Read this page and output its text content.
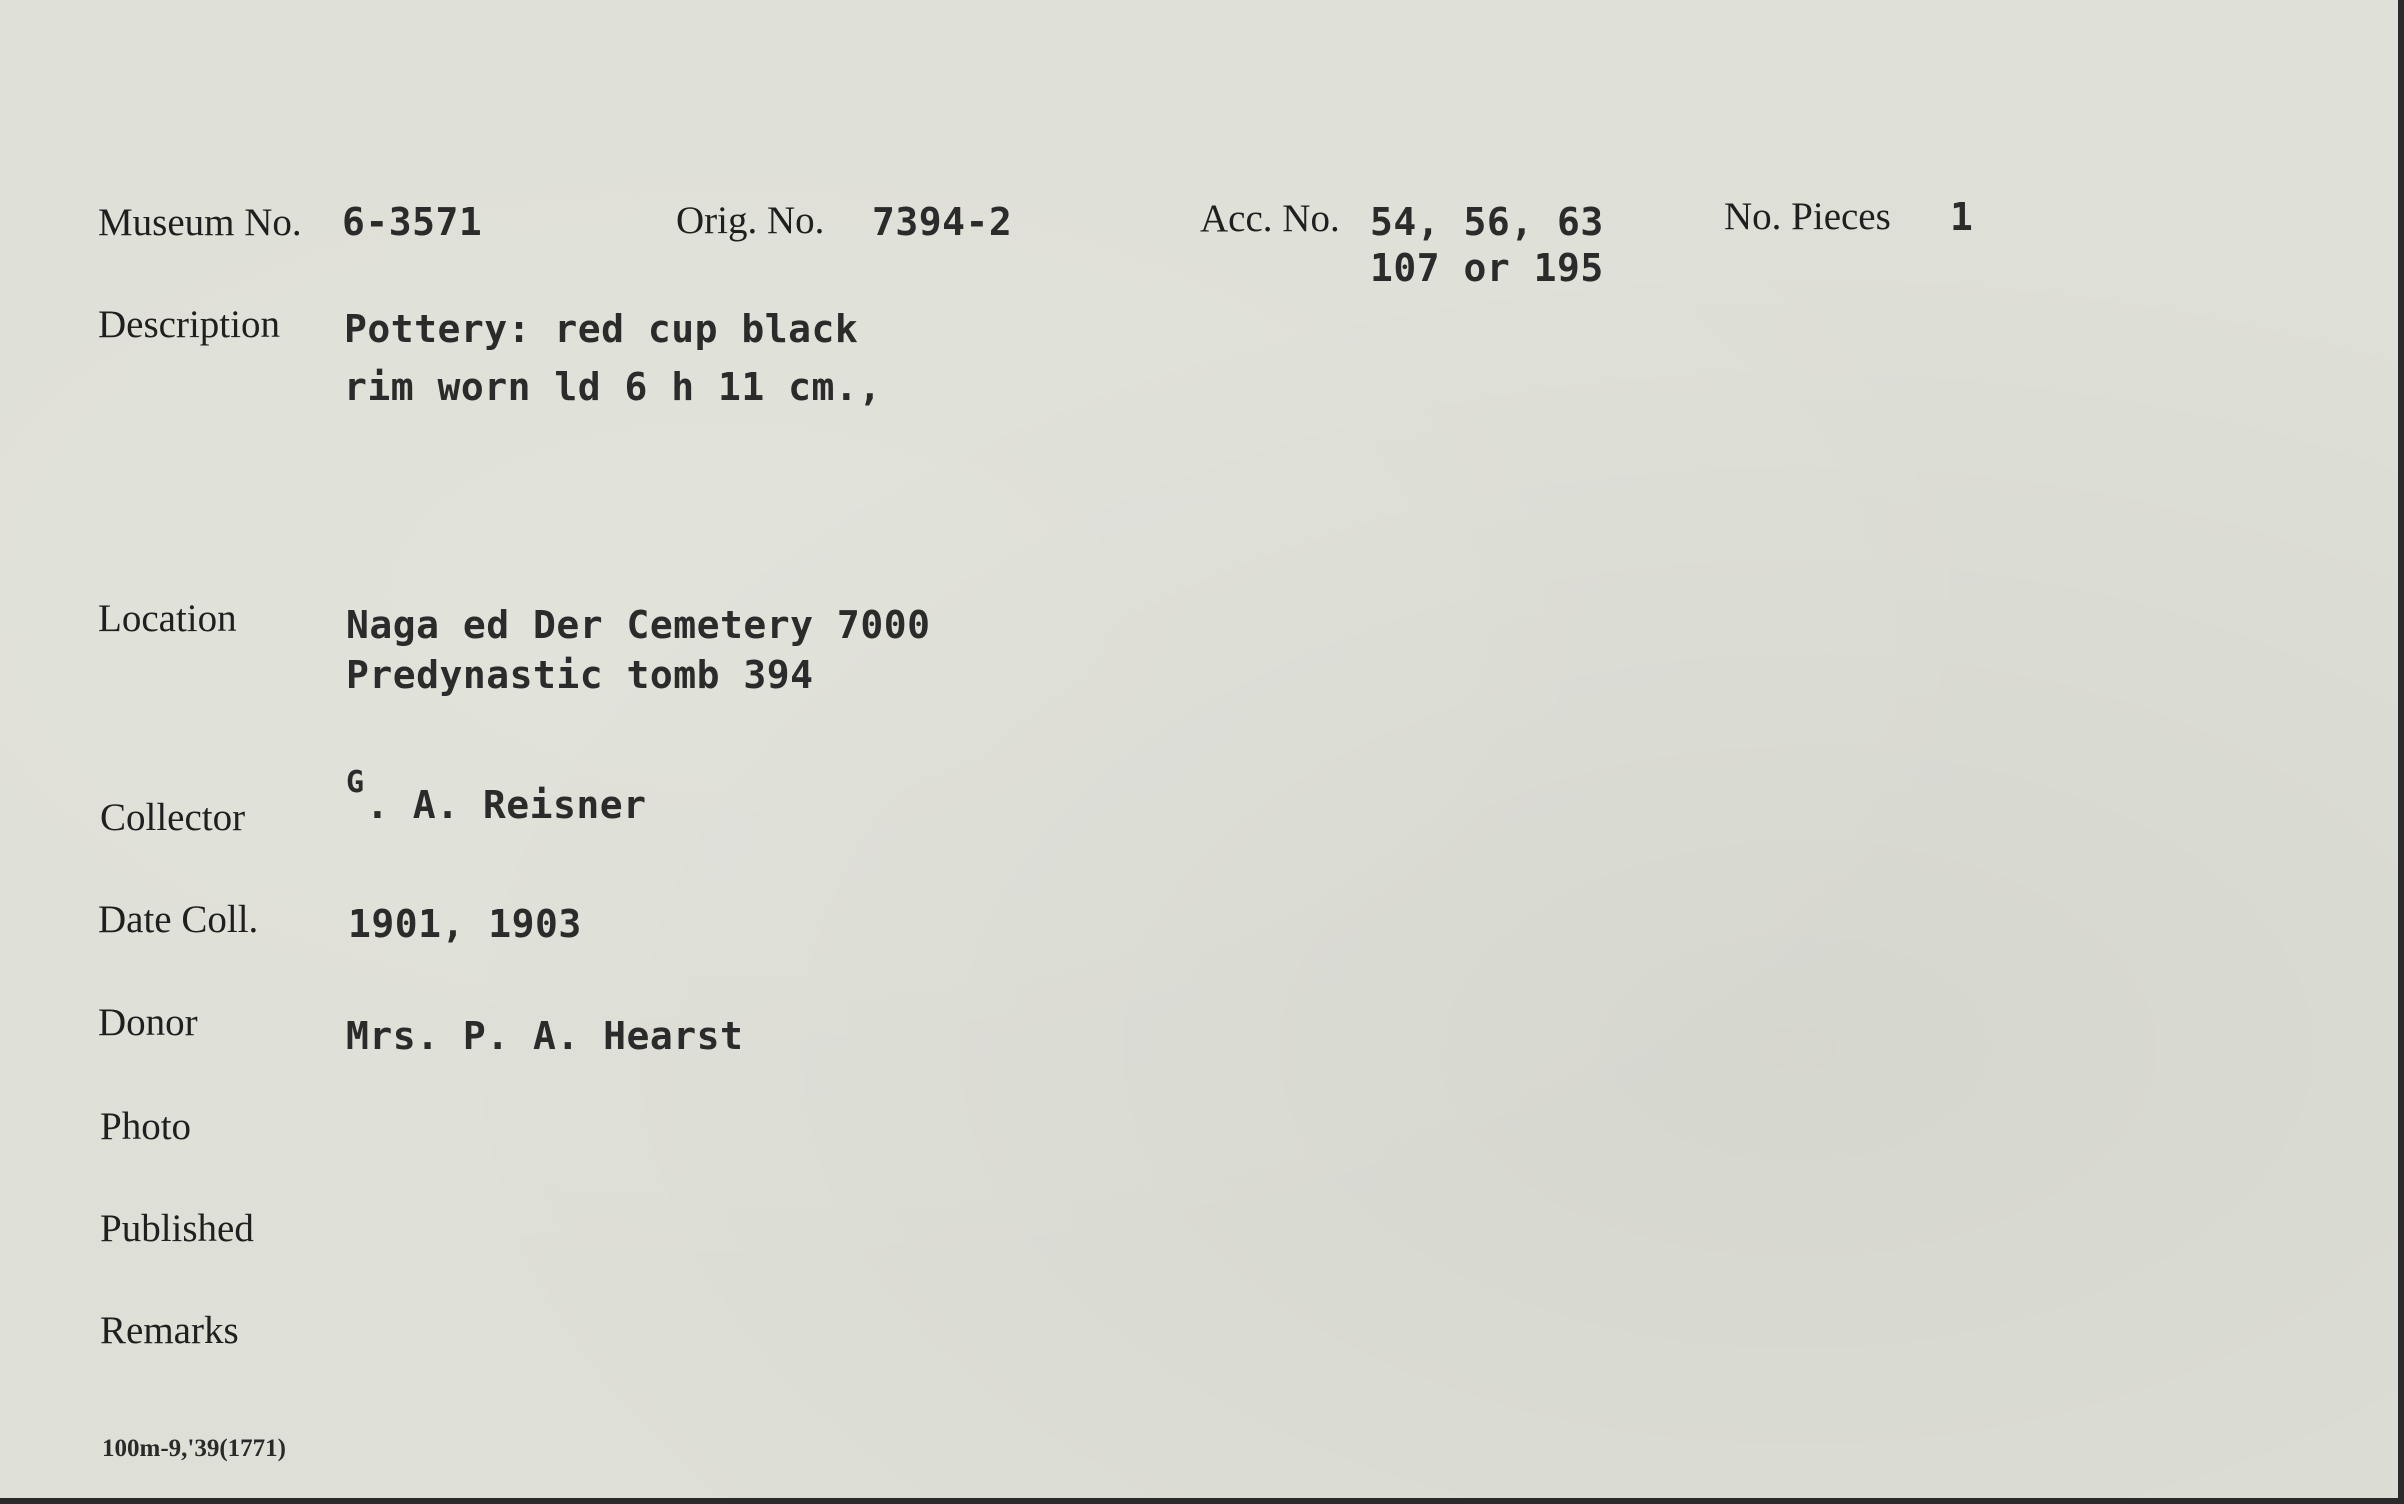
Museum No. 6-3571	Orig. No. 7394-2	Acc. No. 54, 56, 63
107 or 195
No. Pieces 1
Description Pottery: red cup black
rim worn ld 6 h 11 cm.,
Location	Naga ed Der Cemetery 7000
Predynastic tomb 394
Collector
G
. A. Reisner
Date Coll. 1901, 1903
Donor	Mrs. P. A. Hearst
Photo
Published
Remarks
100m-9,'39(1771)
